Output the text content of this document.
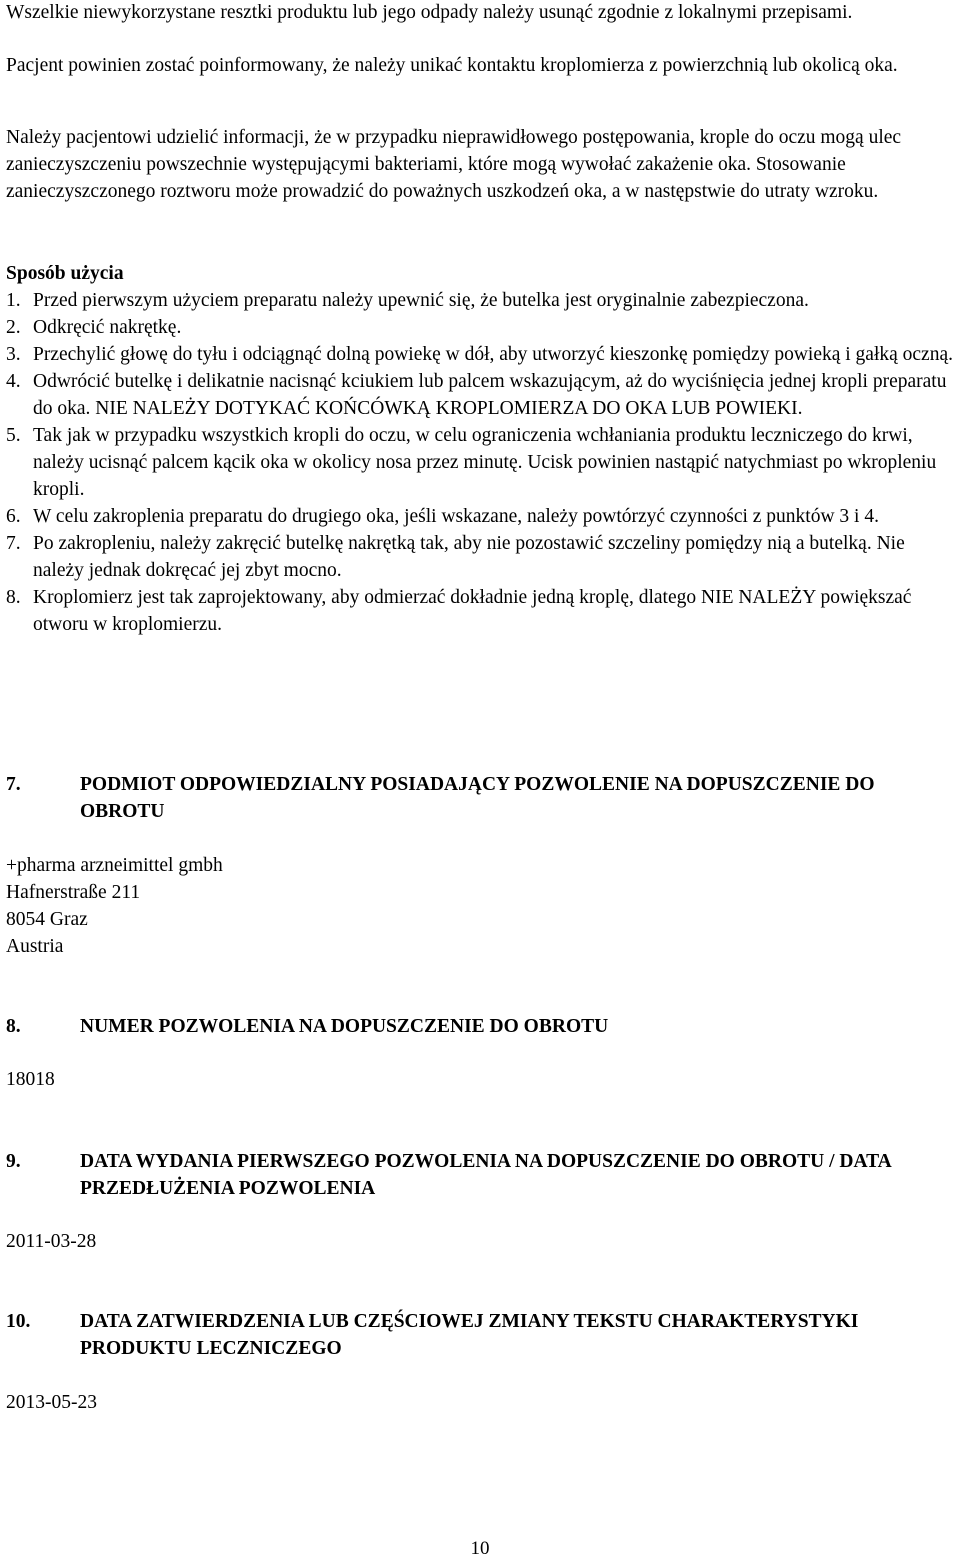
Wszelkie niewykorzystane resztki produktu lub jego odpady należy usunąć zgodnie z lokalnymi przepisami.

Pacjent powinien zostać poinformowany, że należy unikać kontaktu kroplomierza z powierzchnią lub okolicą oka.

Należy pacjentowi udzielić informacji, że w przypadku nieprawidłowego postępowania, krople do oczu mogą ulec zanieczyszczeniu powszechnie występującymi bakteriami, które mogą wywołać zakażenie oka. Stosowanie zanieczyszczonego roztworu może prowadzić do poważnych uszkodzeń oka, a w następstwie do utraty wzroku.

Sposób użycia
1. Przed pierwszym użyciem preparatu należy upewnić się, że butelka jest oryginalnie zabezpieczona.
2. Odkręcić nakrętkę.
3. Przechylić głowę do tyłu i odciągnąć dolną powiekę w dół, aby utworzyć kieszonkę pomiędzy powieką i gałką oczną.
4. Odwrócić butelkę i delikatnie nacisnąć kciukiem lub palcem wskazującym, aż do wyciśnięcia jednej kropli preparatu do oka. NIE NALEŻY DOTYKAĆ KOŃCÓWKĄ KROPLOMIERZA DO OKA LUB POWIEKI.
5. Tak jak w przypadku wszystkich kropli do oczu, w celu ograniczenia wchłaniania produktu leczniczego do krwi, należy ucisnąć palcem kącik oka w okolicy nosa przez minutę. Ucisk powinien nastąpić natychmiast po wkropleniu kropli.
6. W celu zakroplenia preparatu do drugiego oka, jeśli wskazane, należy powtórzyć czynności z punktów 3 i 4.
7. Po zakropleniu, należy zakręcić butelkę nakrętką tak, aby nie pozostawić szczeliny pomiędzy nią a butelką. Nie należy jednak dokręcać jej zbyt mocno.
8. Kroplomierz jest tak zaprojektowany, aby odmierzać dokładnie jedną kroplę, dlatego NIE NALEŻY powiększać otworu w kroplomierzu.
7.	PODMIOT ODPOWIEDZIALNY POSIADAJĄCY POZWOLENIE NA DOPUSZCZENIE DO OBROTU
+pharma arzneimittel gmbh
Hafnerstraße 211
8054 Graz
Austria
8.	NUMER POZWOLENIA NA DOPUSZCZENIE DO OBROTU
18018
9.	DATA WYDANIA PIERWSZEGO POZWOLENIA NA DOPUSZCZENIE DO OBROTU / DATA PRZEDŁUŻENIA POZWOLENIA
2011-03-28
10.	DATA ZATWIERDZENIA LUB CZĘŚCIOWEJ ZMIANY TEKSTU CHARAKTERYSTYKI PRODUKTU LECZNICZEGO
2013-05-23
10
